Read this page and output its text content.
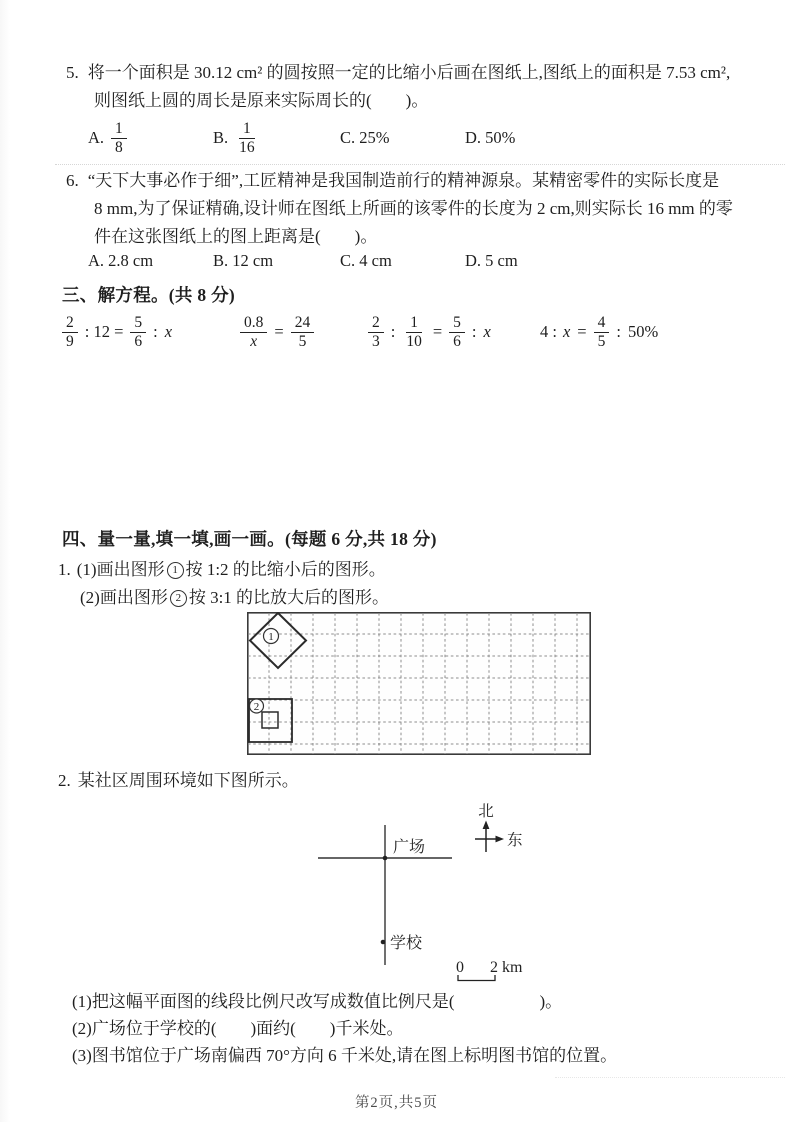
5. 将一个面积是 30.12 cm² 的圆按照一定的比缩小后画在图纸上,图纸上的面积是 7.53 cm²,
则图纸上圆的周长是原来实际周长的(　　)。
A. $\frac{1}{8}$	B. $\frac{1}{16}$	C. 25%	D. 50%
6. “天下大事必作于细”,工匠精神是我国制造前行的精神源泉。某精密零件的实际长度是
8 mm,为了保证精确,设计师在图纸上所画的该零件的长度为 2 cm,则实际长 16 mm 的零
件在这张图纸上的图上距离是(　　)。
A. 2.8 cm	B. 12 cm	C. 4 cm	D. 5 cm
三、解方程。(共 8 分)
$\frac{2}{9}$ : $12 = \frac{5}{6}$ : x	$\frac{0.8}{x} = \frac{24}{5}$	$\frac{2}{3}$ : $\frac{1}{10} = \frac{5}{6}$ : x	4 : $x = \frac{4}{5}$ : 50%
四、量一量,填一填,画一画。(每题 6 分,共 18 分)
1. (1)画出图形 1 按 1:2 的比缩小后的图形。
(2)画出图形 2 按 3:1 的比放大后的图形。
1
2
2. 某社区周围环境如下图所示。
广场
学校
北
东
0 2 km
(1)把这幅平面图的线段比例尺改写成数值比例尺是(　　　　　)。
(2)广场位于学校的(　　)面约(　　)千米处。
(3)图书馆位于广场南偏西 70°方向 6 千米处,请在图上标明图书馆的位置。
第2页,共5页
